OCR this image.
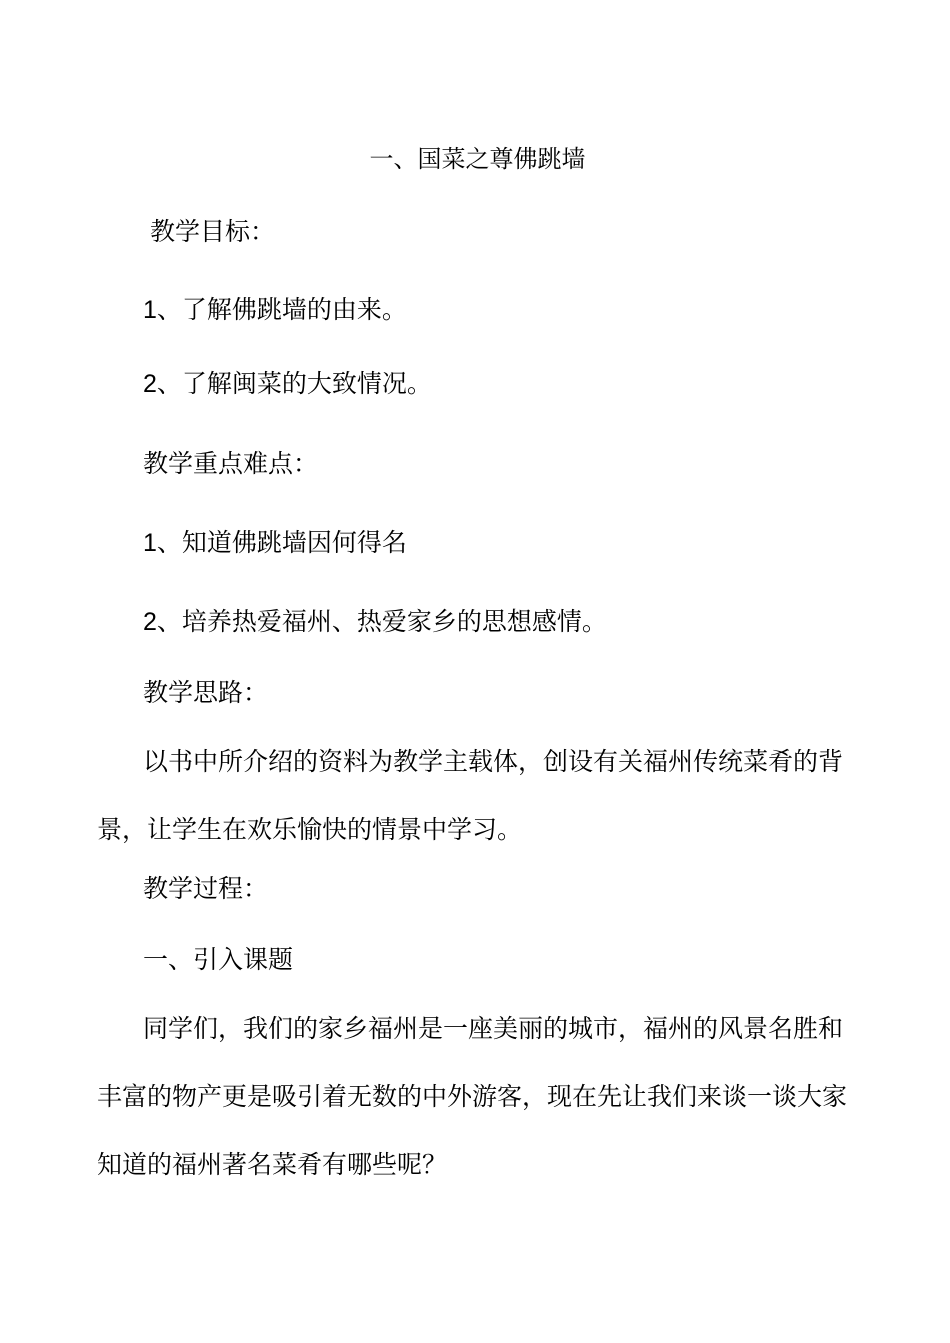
一、国菜之尊佛跳墙

教学目标：

1、了解佛跳墙的由来。

2、了解闽菜的大致情况。

教学重点难点：

1、知道佛跳墙因何得名

2、培养热爱福州、热爱家乡的思想感情。

教学思路：

以书中所介绍的资料为教学主载体，创设有关福州传统菜肴的背景，让学生在欢乐愉快的情景中学习。

教学过程：

一、引入课题

同学们，我们的家乡福州是一座美丽的城市，福州的风景名胜和丰富的物产更是吸引着无数的中外游客，现在先让我们来谈一谈大家知道的福州著名菜肴有哪些呢？
